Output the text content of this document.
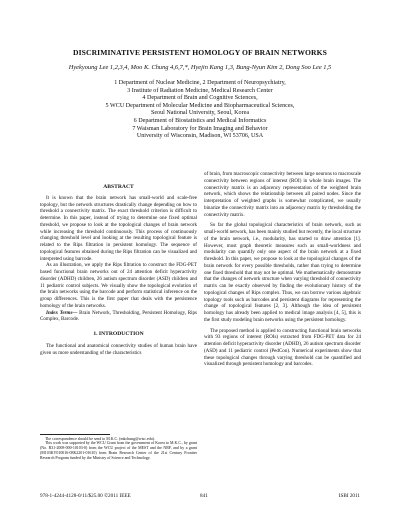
DISCRIMINATIVE PERSISTENT HOMOLOGY OF BRAIN NETWORKS
Hyekyoung Lee 1,2,3,4, Moo K. Chung 4,6,7,*, Hyejin Kang 1,3, Bung-Nyun Kim 2, Dong Soo Lee 1,5
1 Department of Nuclear Medicine, 2 Department of Neuropsychiatry,
3 Institute of Radiation Medicine, Medical Research Center
4 Department of Brain and Cognitive Sciences,
5 WCU Department of Molecular Medicine and Biopharmaceutical Sciences,
Seoul National University, Seoul, Korea
6 Department of Biostatistics and Medical Informatics
7 Waisman Laboratory for Brain Imaging and Behavior
University of Wisconsin, Madison, WI 53706, USA
ABSTRACT

It is known that the brain network has small-world and scale-free topology, but the network structures drastically change depending on how to threshold a connectivity matrix. The exact threshold criterion is difficult to determine. In this paper, instead of trying to determine one fixed optimal threshold, we propose to look at the topological changes of brain network while increasing the threshold continuously. This process of continuously changing threshold level and looking at the resulting topological feature is related to the Rips filtration in persistent homology. The sequence of topological features obtained during the Rips filtration can be visualized and interpreted using barcode.

As an illustration, we apply the Rips filtration to construct the FDG-PET based functional brain networks out of 24 attention deficit hyperactivity disorder (ADHD) children, 26 autism spectrum disorder (ASD) children and 11 pediatric control subjects. We visually show the topological evolution of the brain networks using the barcode and perform statistical inference on the group differences. This is the first paper that deals with the persistence homology of the brain networks.

Index Terms— Brain Network, Thresholding, Persistent Homology, Rips Complex, Barcode.

1. INTRODUCTION

The functional and anatomical connectivity studies of human brain have given us more understanding of the characteristics

The correspondence should be send to M.K.C. (mkchung@wisc.edu).

This work was supported by the WCU Grant from the government of Korea to M.K.C., by grant (No. R31-2008-000-10103-0) from the WCU project of the MEST and the NRF, and by a grant (M103KV010016-08K2201-01610) from Brain Research Center of the 21st Century Frontier Research Program funded by the Ministry of Science and Technology.

of brain, from macroscopic connectivity between large neurons to macroscale connectivity between regions of interest (ROI) in whole brain images. The connectivity matrix is an adjacency representation of the weighted brain network, which shows the relationship between all paired nodes. Since the interpretation of weighted graphs is somewhat complicated, we usually binarize the connectivity matrix into an adjacency matrix by thresholding the connectivity matrix.

So far the global topological characteristics of brain network, such as small-world network, has been mainly studied but recently, the local structure of the brain network, i.e., modularity, has started to draw attention [1]. However, most graph theoretic measures such as small-worldness and modularity can quantify only one aspect of the brain network at a fixed threshold. In this paper, we propose to look at the topological changes of the brain network for every possible thresholds, rather than trying to determine one fixed threshold that may not be optimal. We mathematically demonstrate that the changes of network structure when varying threshold of connectivity matrix can be exactly observed by finding the evolutionary history of the topological changes of Rips complex. Thus, we can borrow various algebraic topology tools such as barcodes and persistent diagrams for representing the change of topological features [2, 3]. Although the idea of persistent homology has already been applied to medical image analysis [4, 5], this is the first study modeling brain networks using the persistent homology.

The proposed method is applied to constructing functional brain networks with 93 regions of interest (ROIs) extracted from FDG-PET data for 24 attention deficit hyperactivity disorder (ADHD), 26 autism spectrum disorder (ASD) and 11 pediatric control (PedCon). Numerical experiments show that these topological changes through varying threshold can be quantified and visualized through persistent homology and barcodes.

978-1-4244-4128-0/11/$25.00 ©2011 IEEE	841	ISBI 2011
